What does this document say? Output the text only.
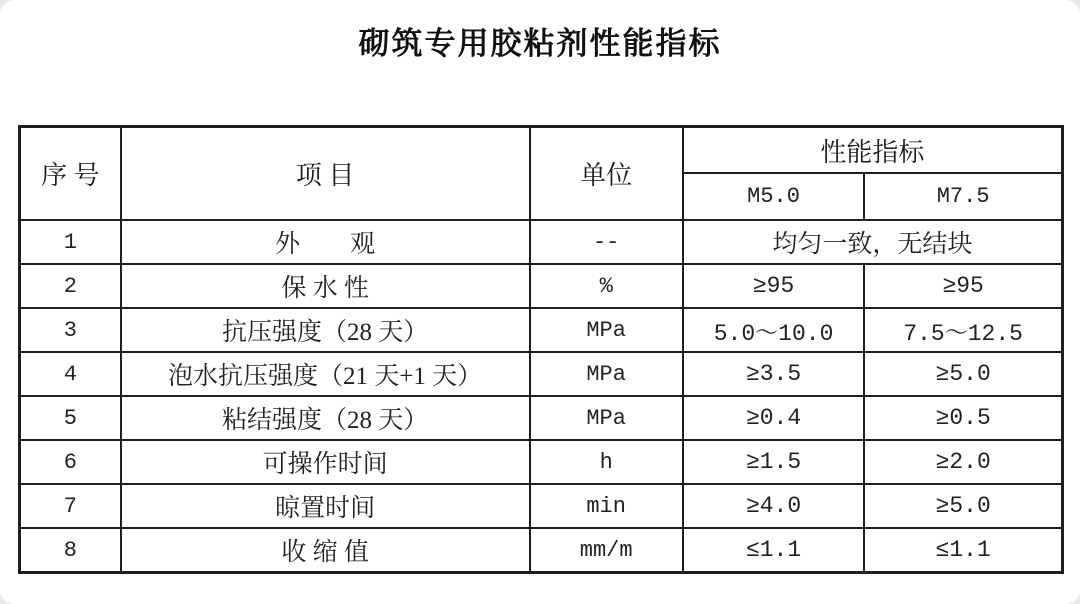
砌筑专用胶粘剂性能指标
序 号	项 目	单位	性能指标	
			M5.0	M7.5
1	外　　观	--	均匀一致，无结块	
2	保 水 性	%	≥95	≥95
3	抗压强度（28 天）	MPa	5.0～10.0	7.5～12.5
4	泡水抗压强度（21 天+1 天）	MPa	≥3.5	≥5.0
5	粘结强度（28 天）	MPa	≥0.4	≥0.5
6	可操作时间	h	≥1.5	≥2.0
7	晾置时间	min	≥4.0	≥5.0
8	收 缩 值	mm/m	≤1.1	≤1.1
